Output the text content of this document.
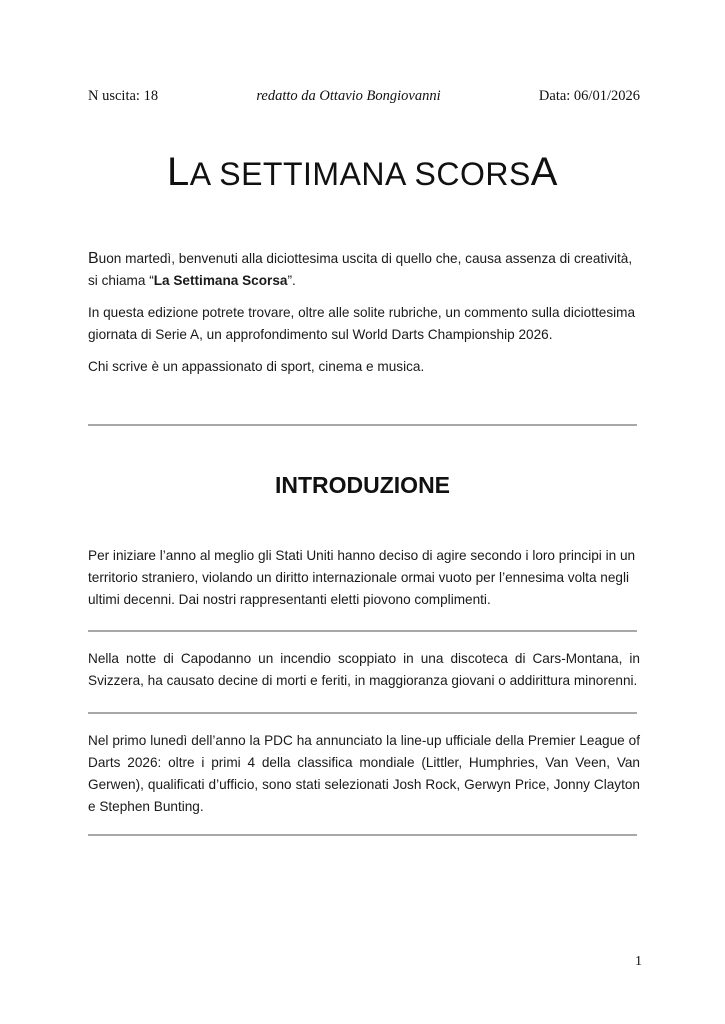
N uscita: 18	redatto da Ottavio Bongiovanni	Data: 06/01/2026
LA SETTIMANA SCORSA

Buon martedì, benvenuti alla diciottesima uscita di quello che, causa assenza di creatività, si chiama “La Settimana Scorsa”.

In questa edizione potrete trovare, oltre alle solite rubriche, un commento sulla diciottesima giornata di Serie A, un approfondimento sul World Darts Championship 2026.

Chi scrive è un appassionato di sport, cinema e musica.

INTRODUZIONE

Per iniziare l’anno al meglio gli Stati Uniti hanno deciso di agire secondo i loro principi in un territorio straniero, violando un diritto internazionale ormai vuoto per l’ennesima volta negli ultimi decenni. Dai nostri rappresentanti eletti piovono complimenti.

Nella notte di Capodanno un incendio scoppiato in una discoteca di Cars-Montana, in Svizzera, ha causato decine di morti e feriti, in maggioranza giovani o addirittura minorenni.

Nel primo lunedì dell’anno la PDC ha annunciato la line-up ufficiale della Premier League of Darts 2026: oltre i primi 4 della classifica mondiale (Littler, Humphries, Van Veen, Van Gerwen), qualificati d’ufficio, sono stati selezionati Josh Rock, Gerwyn Price, Jonny Clayton e Stephen Bunting.

1
